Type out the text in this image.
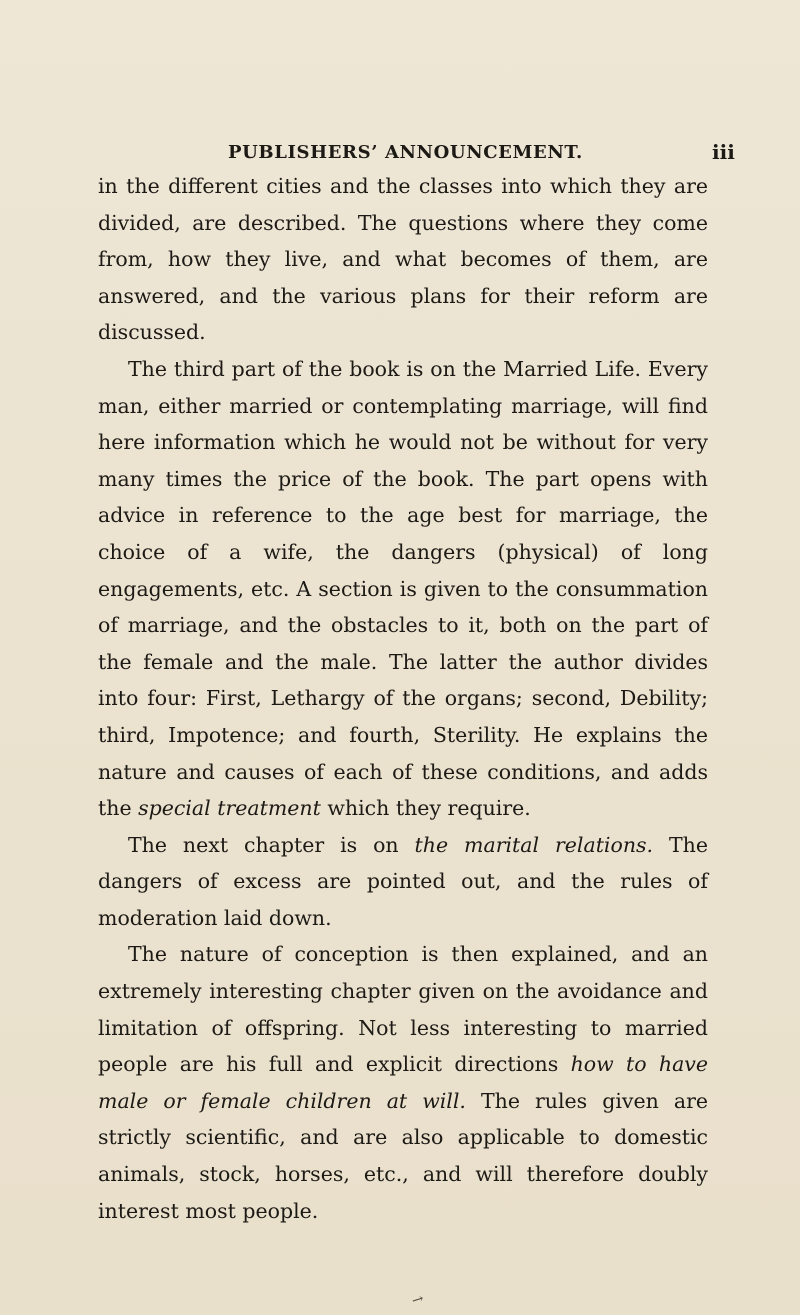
PUBLISHERS’ ANNOUNCEMENT.	iii

in the different cities and the classes into which they are divided, are described. The questions where they come from, how they live, and what becomes of them, are answered, and the various plans for their reform are discussed.

The third part of the book is on the Married Life. Every man, either married or contemplating marriage, will find here information which he would not be without for very many times the price of the book. The part opens with advice in reference to the age best for marriage, the choice of a wife, the dangers (physical) of long engagements, etc. A section is given to the consummation of marriage, and the obstacles to it, both on the part of the female and the male. The latter the author divides into four: First, Lethargy of the organs; second, Debility; third, Impotence; and fourth, Sterility. He explains the nature and causes of each of these conditions, and adds the special treatment which they require.

The next chapter is on the marital relations. The dangers of excess are pointed out, and the rules of moderation laid down.

The nature of conception is then explained, and an extremely interesting chapter given on the avoidance and limitation of offspring. Not less interesting to married people are his full and explicit directions how to have male or female children at will. The rules given are strictly scientific, and are also applicable to domestic animals, stock, horses, etc., and will therefore doubly interest most people.

→
